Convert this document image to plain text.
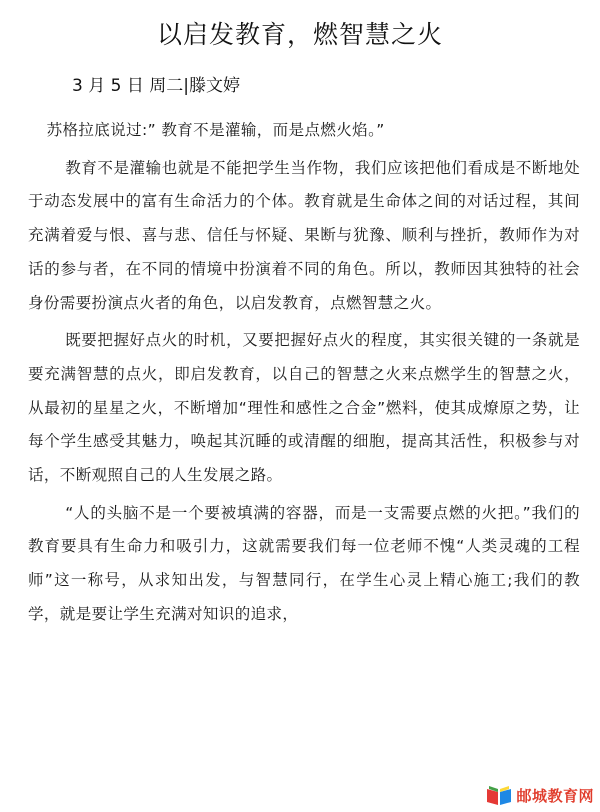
以启发教育，燃智慧之火
3 月 5 日 周二|滕文婷

苏格拉底说过:” 教育不是灌输，而是点燃火焰。”

教育不是灌输也就是不能把学生当作物，我们应该把他们看成是不断地处于动态发展中的富有生命活力的个体。教育就是生命体之间的对话过程，其间充满着爱与恨、喜与悲、信任与怀疑、果断与犹豫、顺利与挫折，教师作为对话的参与者，在不同的情境中扮演着不同的角色。所以，教师因其独特的社会身份需要扮演点火者的角色，以启发教育，点燃智慧之火。

既要把握好点火的时机，又要把握好点火的程度，其实很关键的一条就是要充满智慧的点火，即启发教育，以自己的智慧之火来点燃学生的智慧之火，从最初的星星之火，不断增加“理性和感性之合金”燃料，使其成燎原之势，让每个学生感受其魅力，唤起其沉睡的或清醒的细胞，提高其活性，积极参与对话，不断观照自己的人生发展之路。

“人的头脑不是一个要被填满的容器，而是一支需要点燃的火把。”我们的教育要具有生命力和吸引力，这就需要我们每一位老师不愧“人类灵魂的工程师”这一称号，从求知出发，与智慧同行，在学生心灵上精心施工;我们的教学，就是要让学生充满对知识的追求，

邮城教育网
